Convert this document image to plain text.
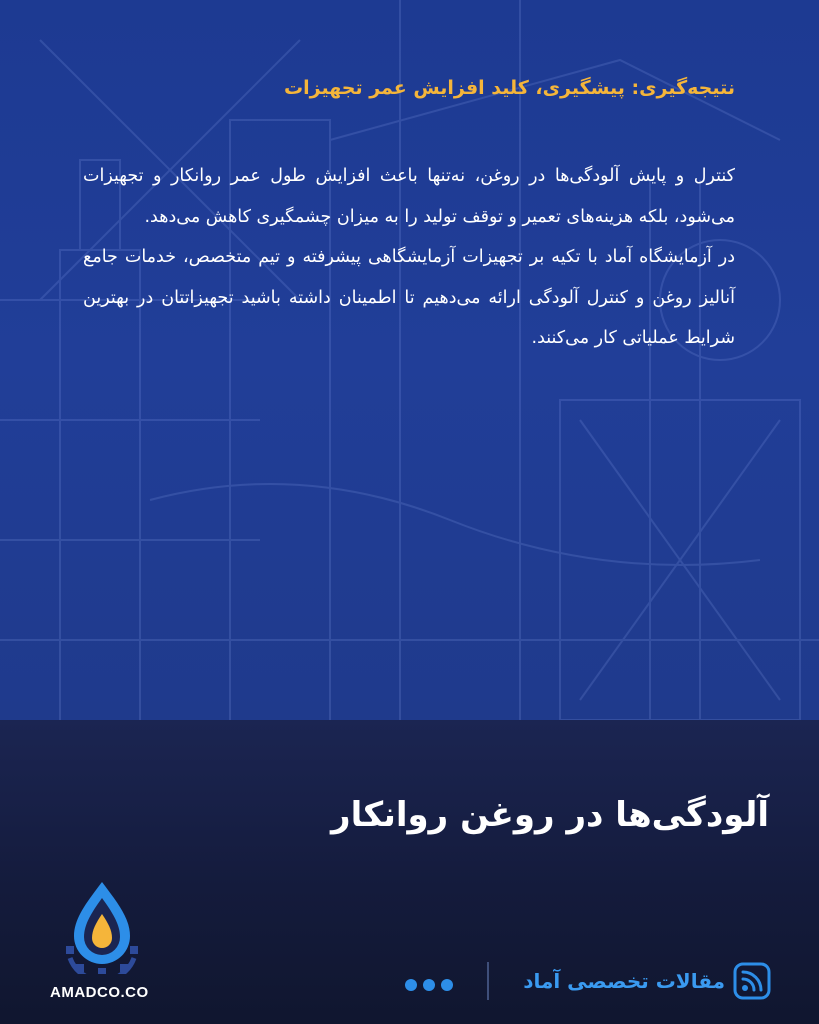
نتیجه‌گیری: پیشگیری، کلید افزایش عمر تجهیزات

کنترل و پایش آلودگی‌ها در روغن، نه‌تنها باعث افزایش طول عمر روانکار و تجهیزات می‌شود، بلکه هزینه‌های تعمیر و توقف تولید را به میزان چشمگیری کاهش می‌دهد.

در آزمایشگاه آماد با تکیه بر تجهیزات آزمایشگاهی پیشرفته و تیم متخصص، خدمات جامع آنالیز روغن و کنترل آلودگی ارائه می‌دهیم تا اطمینان داشته باشید تجهیزاتتان در بهترین شرایط عملیاتی کار می‌کنند.

آلودگی‌ها در روغن روانکار
AMADCO.CO	مقالات تخصصی آماد
